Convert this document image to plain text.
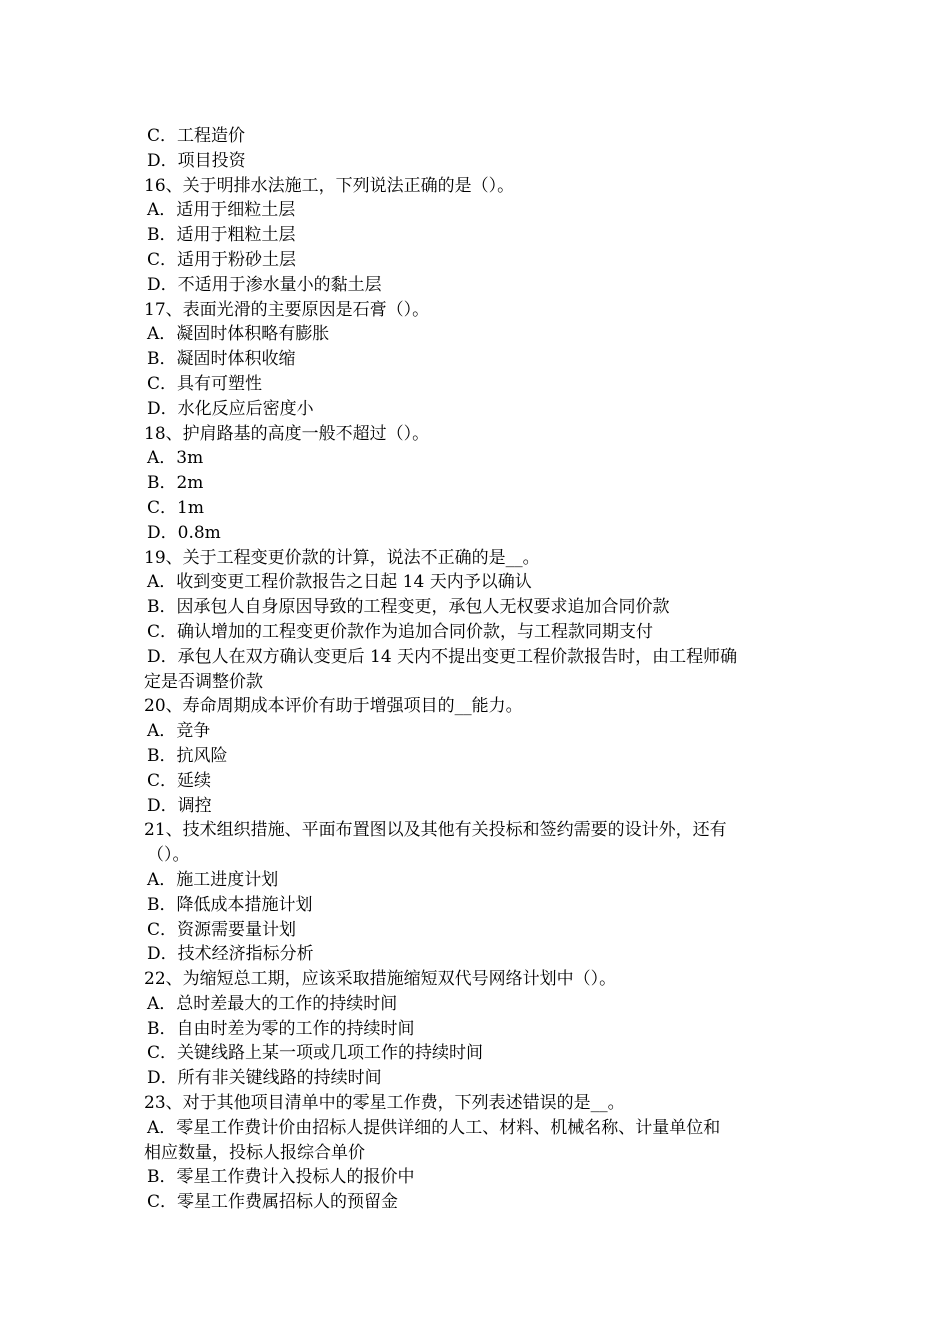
C．工程造价
D．项目投资
16、关于明排水法施工，下列说法正确的是（）。
A．适用于细粒土层
B．适用于粗粒土层
C．适用于粉砂土层
D．不适用于渗水量小的黏土层
17、表面光滑的主要原因是石膏（）。
A．凝固时体积略有膨胀
B．凝固时体积收缩
C．具有可塑性
D．水化反应后密度小
18、护肩路基的高度一般不超过（）。
A．3m
B．2m
C．1m
D．0.8m
19、关于工程变更价款的计算，说法不正确的是__。
A．收到变更工程价款报告之日起 14 天内予以确认
B．因承包人自身原因导致的工程变更，承包人无权要求追加合同价款
C．确认增加的工程变更价款作为追加合同价款，与工程款同期支付
D．承包人在双方确认变更后 14 天内不提出变更工程价款报告时，由工程师确
定是否调整价款
20、寿命周期成本评价有助于增强项目的__能力。
A．竞争
B．抗风险
C．延续
D．调控
21、技术组织措施、平面布置图以及其他有关投标和签约需要的设计外，还有
（）。
A．施工进度计划
B．降低成本措施计划
C．资源需要量计划
D．技术经济指标分析
22、为缩短总工期，应该采取措施缩短双代号网络计划中（）。
A．总时差最大的工作的持续时间
B．自由时差为零的工作的持续时间
C．关键线路上某一项或几项工作的持续时间
D．所有非关键线路的持续时间
23、对于其他项目清单中的零星工作费，下列表述错误的是__。
A．零星工作费计价由招标人提供详细的人工、材料、机械名称、计量单位和
相应数量，投标人报综合单价
B．零星工作费计入投标人的报价中
C．零星工作费属招标人的预留金
